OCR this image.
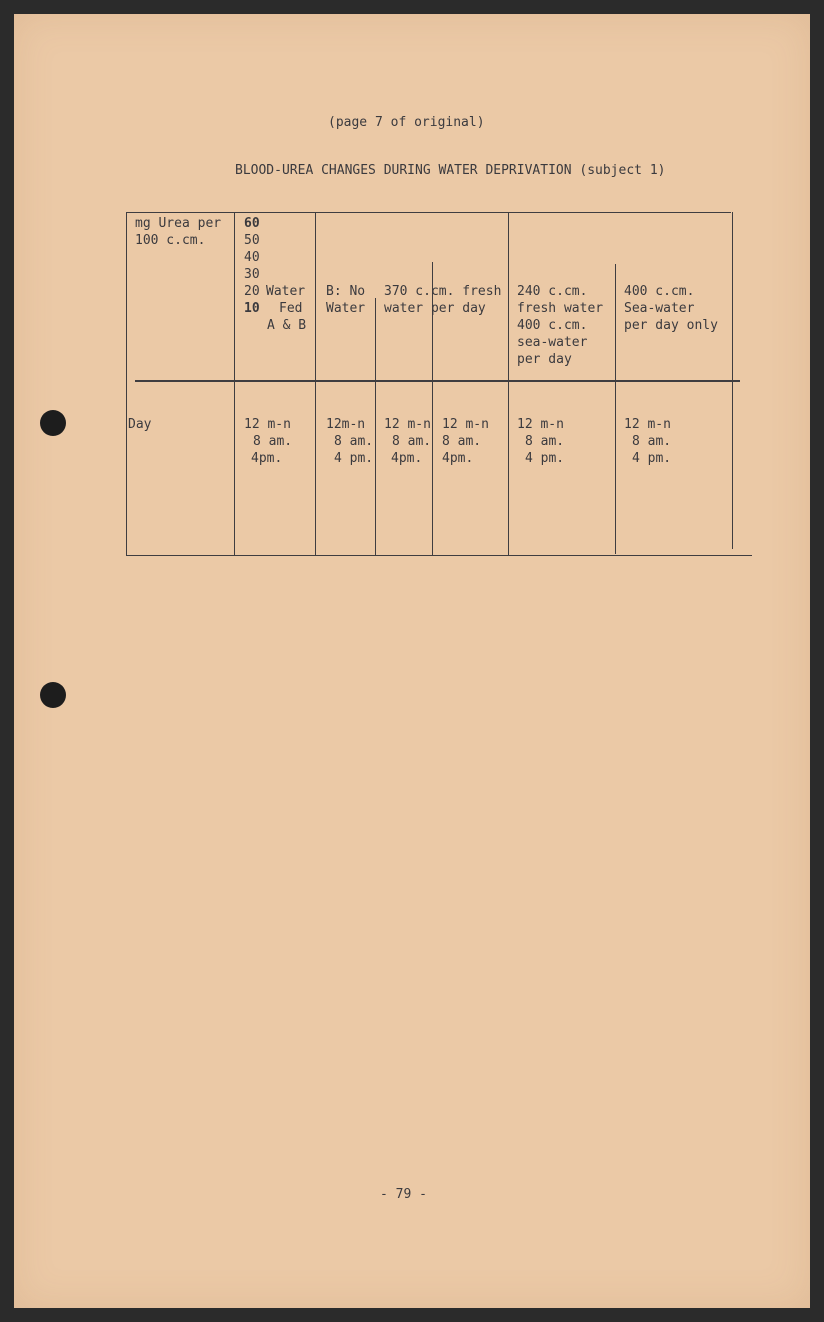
(page 7 of original)
BLOOD-UREA CHANGES DURING WATER DEPRIVATION (subject 1)
mg Urea per
100 c.cm.
60
50
40
30
20
10
Water
Fed
A & B
B: No
Water
370 c.cm. fresh
water per day
240 c.cm.
fresh water
400 c.cm.
sea-water
per day
400 c.cm.
Sea-water
per day only
Day	12 m-n
8 am.
4pm.
12m-n
8 am.
4 pm.
12 m-n
8 am.
4pm.
12 m-n
8 am.
4pm.
12 m-n
8 am.
4 pm.
12 m-n
8 am.
4 pm.
- 79 -
